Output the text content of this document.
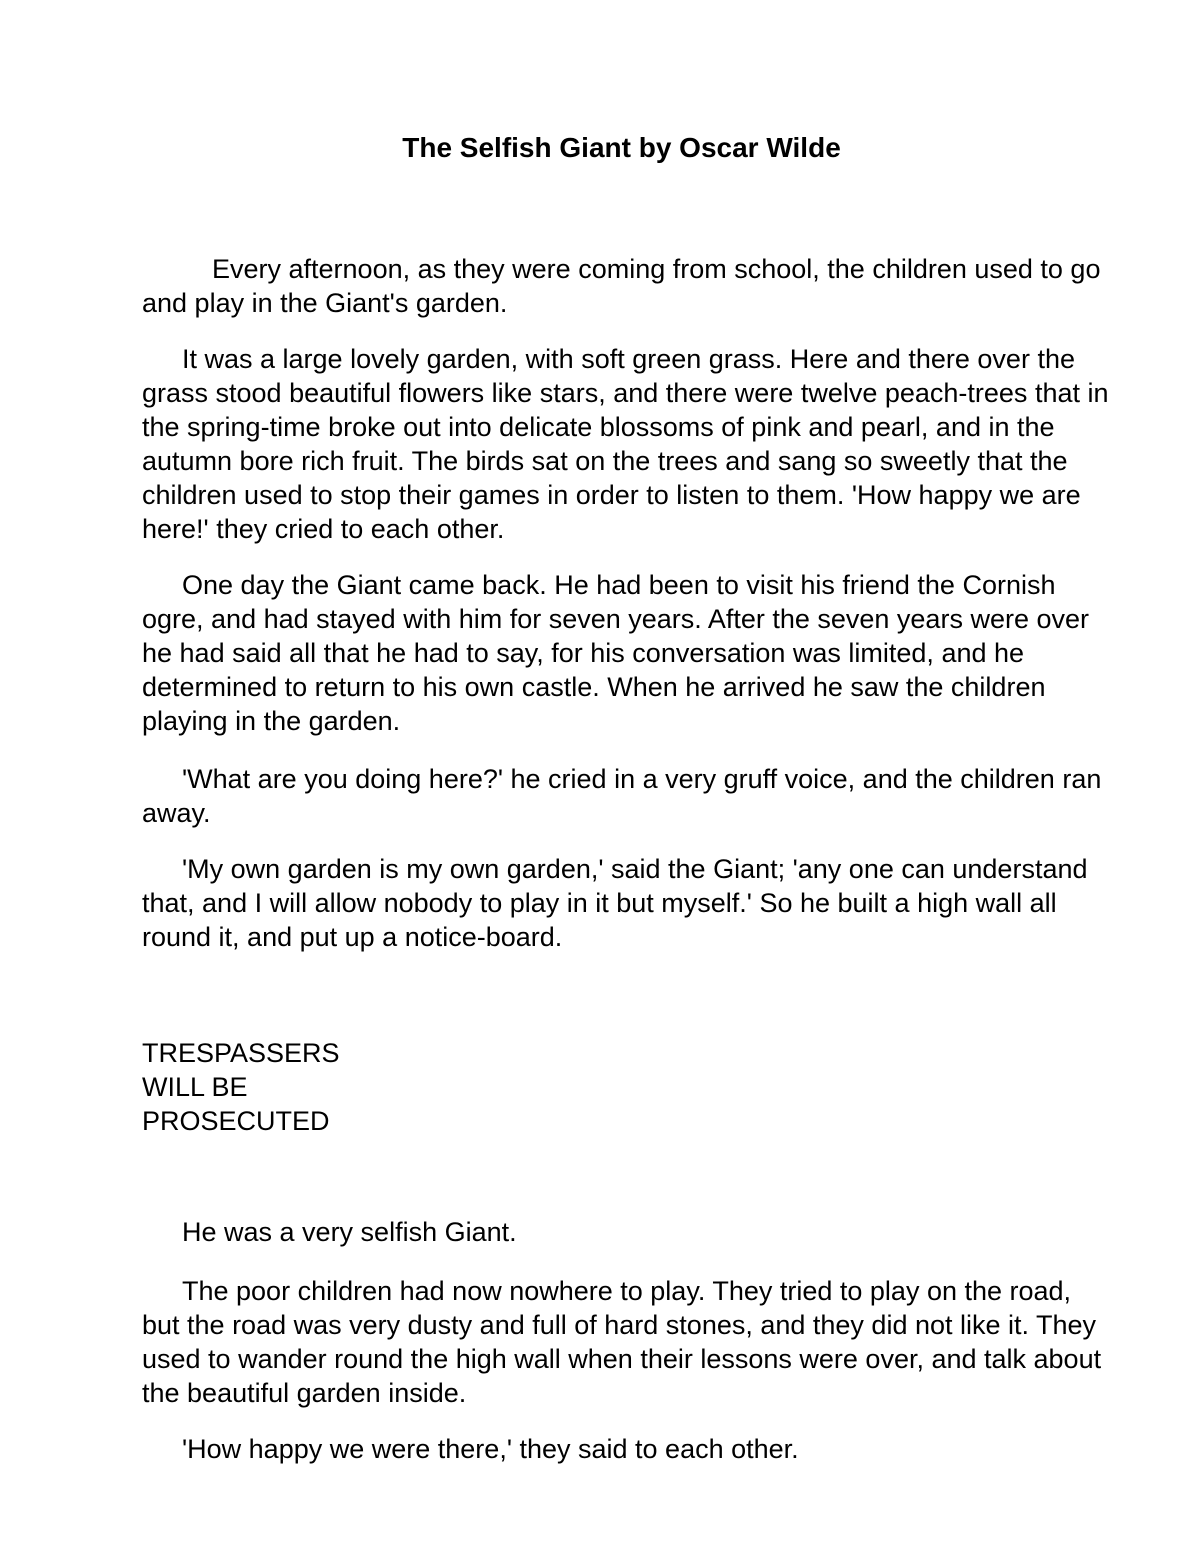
The Selfish Giant by Oscar Wilde

Every afternoon, as they were coming from school, the children used to go and play in the Giant's garden.

It was a large lovely garden, with soft green grass. Here and there over the grass stood beautiful flowers like stars, and there were twelve peach-trees that in the spring-time broke out into delicate blossoms of pink and pearl, and in the autumn bore rich fruit. The birds sat on the trees and sang so sweetly that the children used to stop their games in order to listen to them. 'How happy we are here!' they cried to each other.

One day the Giant came back. He had been to visit his friend the Cornish ogre, and had stayed with him for seven years. After the seven years were over he had said all that he had to say, for his conversation was limited, and he determined to return to his own castle. When he arrived he saw the children playing in the garden.

'What are you doing here?' he cried in a very gruff voice, and the children ran away.

'My own garden is my own garden,' said the Giant; 'any one can understand that, and I will allow nobody to play in it but myself.' So he built a high wall all round it, and put up a notice-board.

TRESPASSERS
WILL BE
PROSECUTED

He was a very selfish Giant.

The poor children had now nowhere to play. They tried to play on the road, but the road was very dusty and full of hard stones, and they did not like it. They used to wander round the high wall when their lessons were over, and talk about the beautiful garden inside.

'How happy we were there,' they said to each other.
